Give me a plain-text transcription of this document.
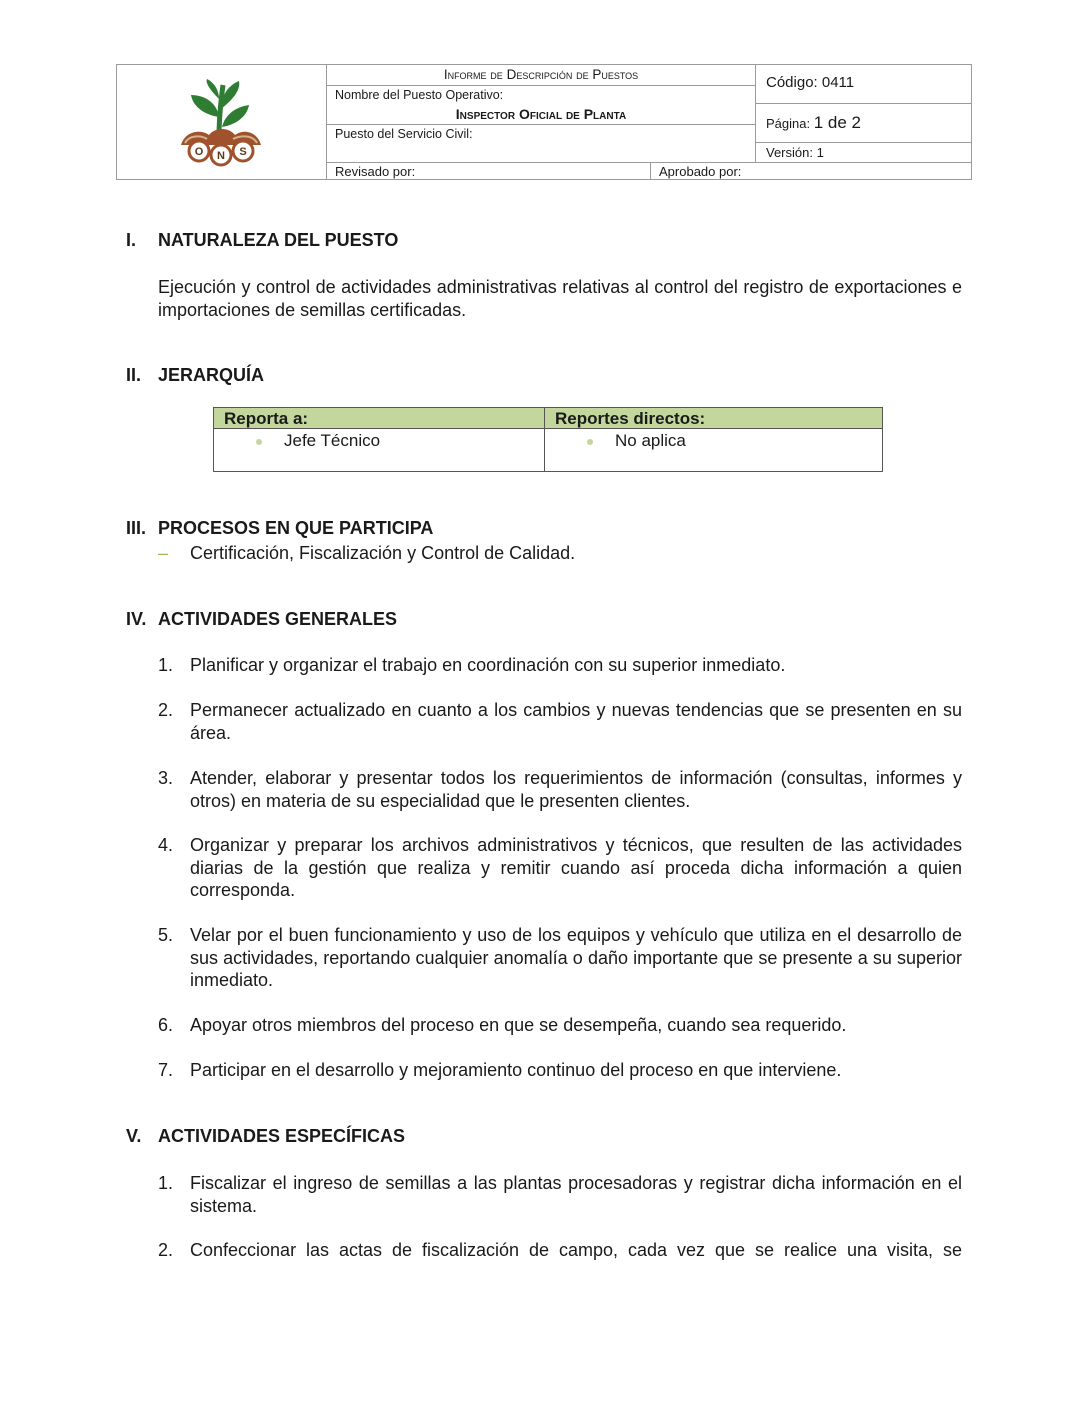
O N S
Informe de Descripción de Puestos
Nombre del Puesto Operativo:
Inspector Oficial de Planta
Puesto del Servicio Civil:
Revisado por:	Aprobado por:
Código: 0411
Página: 1 de 2
Versión: 1
I. NATURALEZA DEL PUESTO

Ejecución y control de actividades administrativas relativas al control del registro de exportaciones e importaciones de semillas certificadas.

II. JERARQUÍA
Reporta a:	Reportes directos:
Jefe Técnico	No aplica
III. PROCESOS EN QUE PARTICIPA
– Certificación, Fiscalización y Control de Calidad.
IV. ACTIVIDADES GENERALES
1. Planificar y organizar el trabajo en coordinación con su superior inmediato.
2. Permanecer actualizado en cuanto a los cambios y nuevas tendencias que se presenten en su área.
3. Atender, elaborar y presentar todos los requerimientos de información (consultas, informes y otros) en materia de su especialidad que le presenten clientes.
4. Organizar y preparar los archivos administrativos y técnicos, que resulten de las actividades diarias de la gestión que realiza y remitir cuando así proceda dicha información a quien corresponda.
5. Velar por el buen funcionamiento y uso de los equipos y vehículo que utiliza en el desarrollo de sus actividades, reportando cualquier anomalía o daño importante que se presente a su superior inmediato.
6. Apoyar otros miembros del proceso en que se desempeña, cuando sea requerido.
7. Participar en el desarrollo y mejoramiento continuo del proceso en que interviene.
V. ACTIVIDADES ESPECÍFICAS
1. Fiscalizar el ingreso de semillas a las plantas procesadoras y registrar dicha información en el sistema.
2. Confeccionar las actas de fiscalización de campo, cada vez que se realice una visita, se
